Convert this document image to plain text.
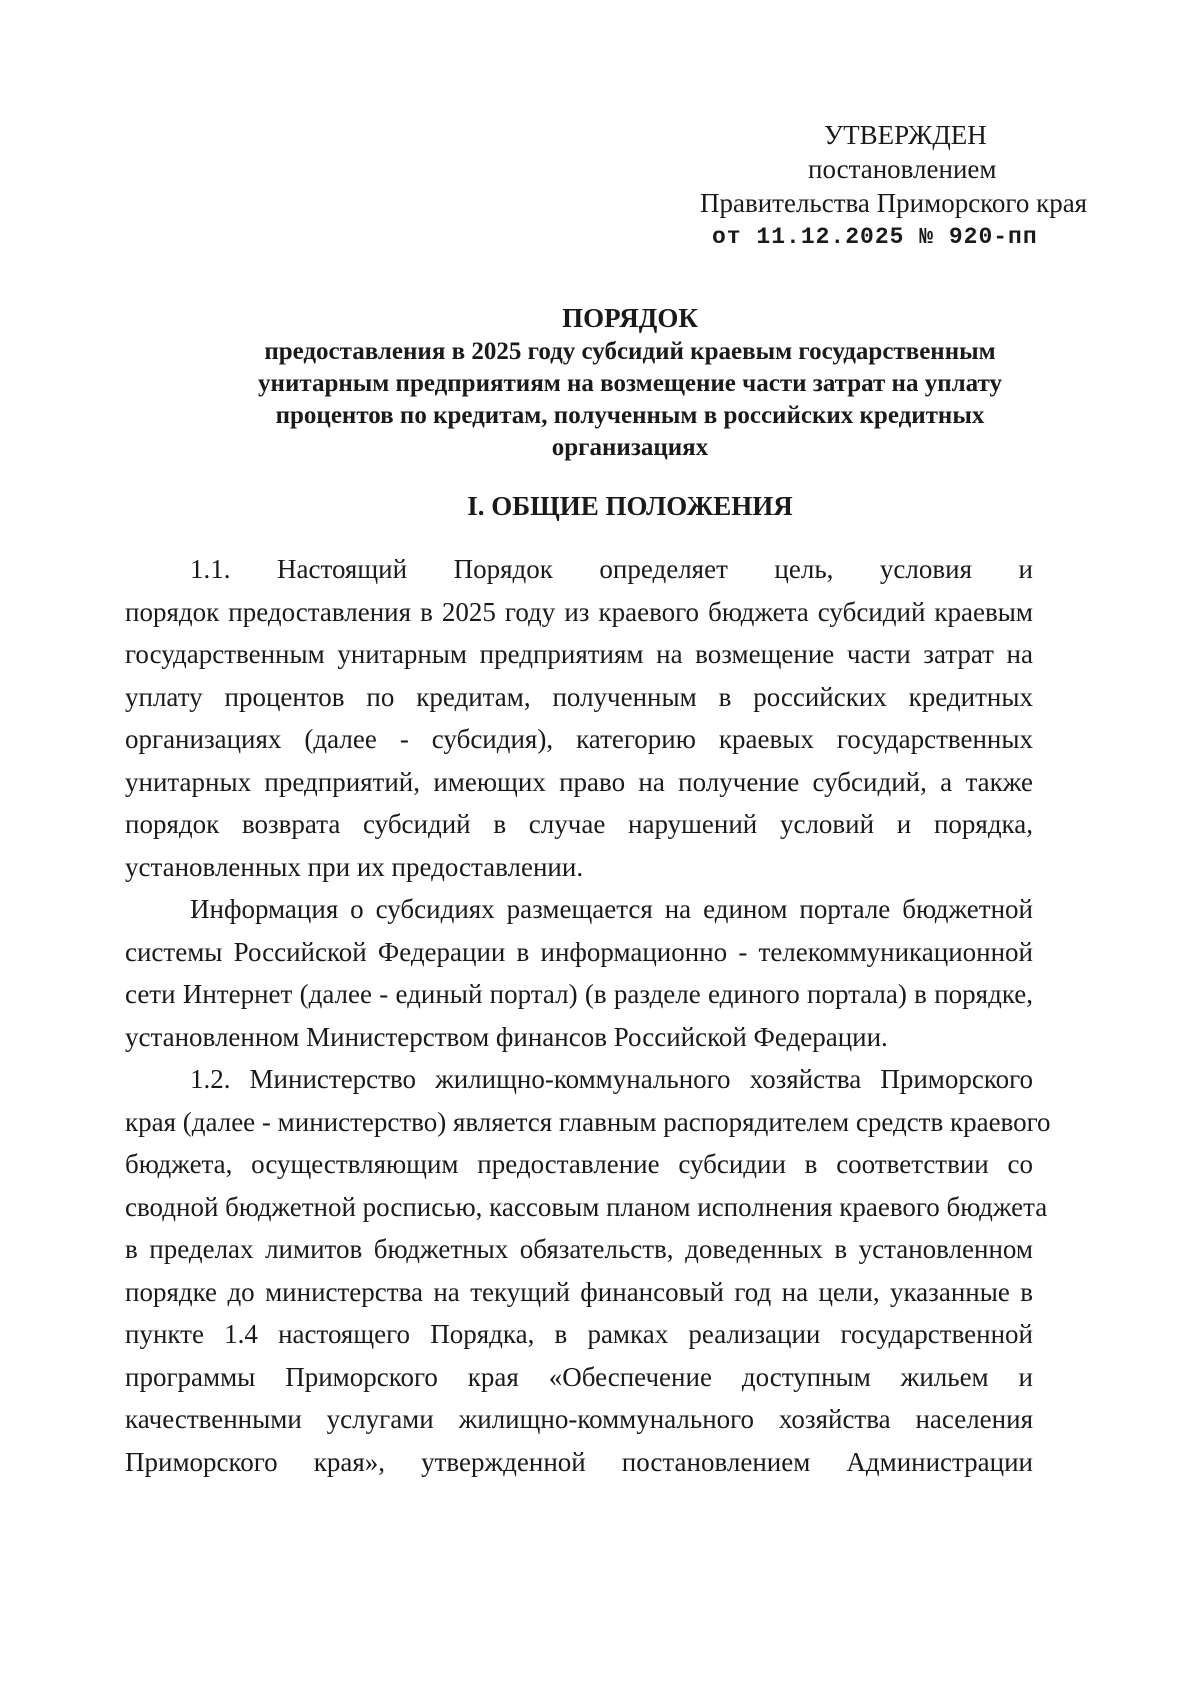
УТВЕРЖДЕН
постановлением
Правительства Приморского края
от 11.12.2025 № 920-пп

ПОРЯДОК

предоставления в 2025 году субсидий краевым государственным
унитарным предприятиям на возмещение части затрат на уплату
процентов по кредитам, полученным в российских кредитных
организациях

I. ОБЩИЕ ПОЛОЖЕНИЯ

1.1. Настоящий Порядок определяет цель, условия и
порядок предоставления в 2025 году из краевого бюджета субсидий краевым
государственным унитарным предприятиям на возмещение части затрат на
уплату процентов по кредитам, полученным в российских кредитных
организациях (далее - субсидия), категорию краевых государственных
унитарных предприятий, имеющих право на получение субсидий, а также
порядок возврата субсидий в случае нарушений условий и порядка,
установленных при их предоставлении.
Информация о субсидиях размещается на едином портале бюджетной
системы Российской Федерации в информационно - телекоммуникационной
сети Интернет (далее - единый портал) (в разделе единого портала) в порядке,
установленном Министерством финансов Российской Федерации.
1.2. Министерство жилищно-коммунального хозяйства Приморского
края (далее - министерство) является главным распорядителем средств краевого
бюджета, осуществляющим предоставление субсидии в соответствии со
сводной бюджетной росписью, кассовым планом исполнения краевого бюджета
в пределах лимитов бюджетных обязательств, доведенных в установленном
порядке до министерства на текущий финансовый год на цели, указанные в
пункте 1.4 настоящего Порядка, в рамках реализации государственной
программы Приморского края «Обеспечение доступным жильем и
качественными услугами жилищно-коммунального хозяйства населения
Приморского края», утвержденной постановлением Администрации
